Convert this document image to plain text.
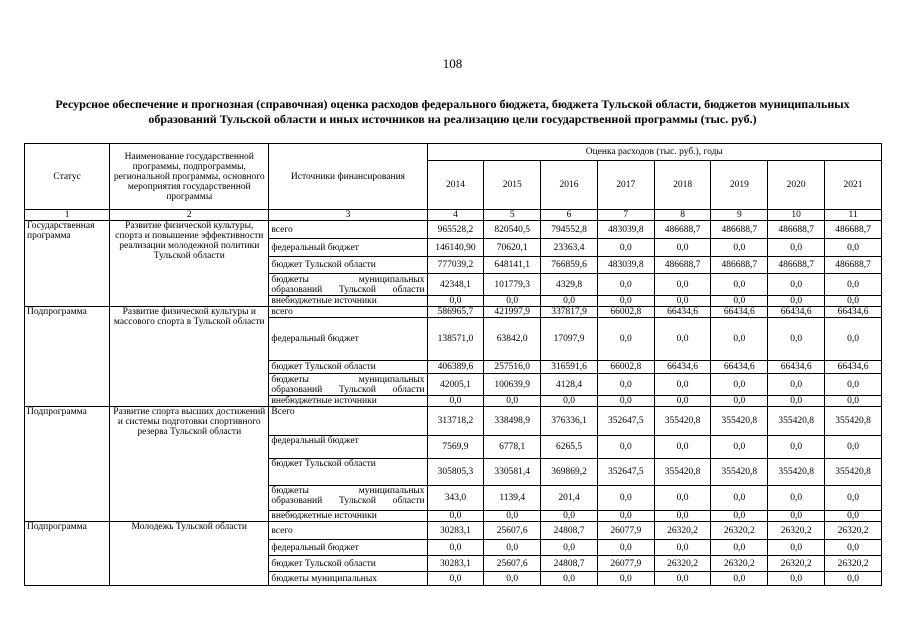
108
Ресурсное обеспечение и прогнозная (справочная) оценка расходов федерального бюджета, бюджета Тульской области, бюджетов муниципальных образований Тульской области и иных источников на реализацию цели государственной программы (тыс. руб.)
Статус	Наименование государственной программы, подпрограммы, региональной программы, основного мероприятия государственной программы	Источники финансирования	Оценка расходов (тыс. руб.), годы							
			2014	2015	2016	2017	2018	2019	2020	2021
1	2	3	4	5	6	7	8	9	10	11
Государственная программа	Развитие физической культуры, спорта и повышение эффективности реализации молодежной политики Тульской области	всего	965528,2	820540,5	794552,8	483039,8	486688,7	486688,7	486688,7	486688,7
		федеральный бюджет	146140,90	70620,1	23363,4	0,0	0,0	0,0	0,0	0,0
		бюджет Тульской области	777039,2	648141,1	766859,6	483039,8	486688,7	486688,7	486688,7	486688,7
		бюджеты муниципальных образований Тульской области	42348,1	101779,3	4329,8	0,0	0,0	0,0	0,0	0,0
		внебюджетные источники	0,0	0,0	0,0	0,0	0,0	0,0	0,0	0,0
Подпрограмма	Развитие физической культуры и массового спорта в Тульской области	всего	586965,7	421997,9	337817,9	66002,8	66434,6	66434,6	66434,6	66434,6
		федеральный бюджет	138571,0	63842,0	17097,9	0,0	0,0	0,0	0,0	0,0
		бюджет Тульской области	406389,6	257516,0	316591,6	66002,8	66434,6	66434,6	66434,6	66434,6
		бюджеты муниципальных образований Тульской области	42005,1	100639,9	4128,4	0,0	0,0	0,0	0,0	0,0
		внебюджетные источники	0,0	0,0	0,0	0,0	0,0	0,0	0,0	0,0
Подпрограмма	Развитие спорта высших достижений и системы подготовки спортивного резерва Тульской области	Всего	313718,2	338498,9	376336,1	352647,5	355420,8	355420,8	355420,8	355420,8
		федеральный бюджет	7569,9	6778,1	6265,5	0,0	0,0	0,0	0,0	0,0
		бюджет Тульской области	305805,3	330581,4	369869,2	352647,5	355420,8	355420,8	355420,8	355420,8
		бюджеты муниципальных образований Тульской области	343,0	1139,4	201,4	0,0	0,0	0,0	0,0	0,0
		внебюджетные источники	0,0	0,0	0,0	0,0	0,0	0,0	0,0	0,0
Подпрограмма	Молодежь Тульской области	всего	30283,1	25607,6	24808,7	26077,9	26320,2	26320,2	26320,2	26320,2
		федеральный бюджет	0,0	0,0	0,0	0,0	0,0	0,0	0,0	0,0
		бюджет Тульской области	30283,1	25607,6	24808,7	26077,9	26320,2	26320,2	26320,2	26320,2
		бюджеты муниципальных	0,0	0,0	0,0	0,0	0,0	0,0	0,0	0,0
